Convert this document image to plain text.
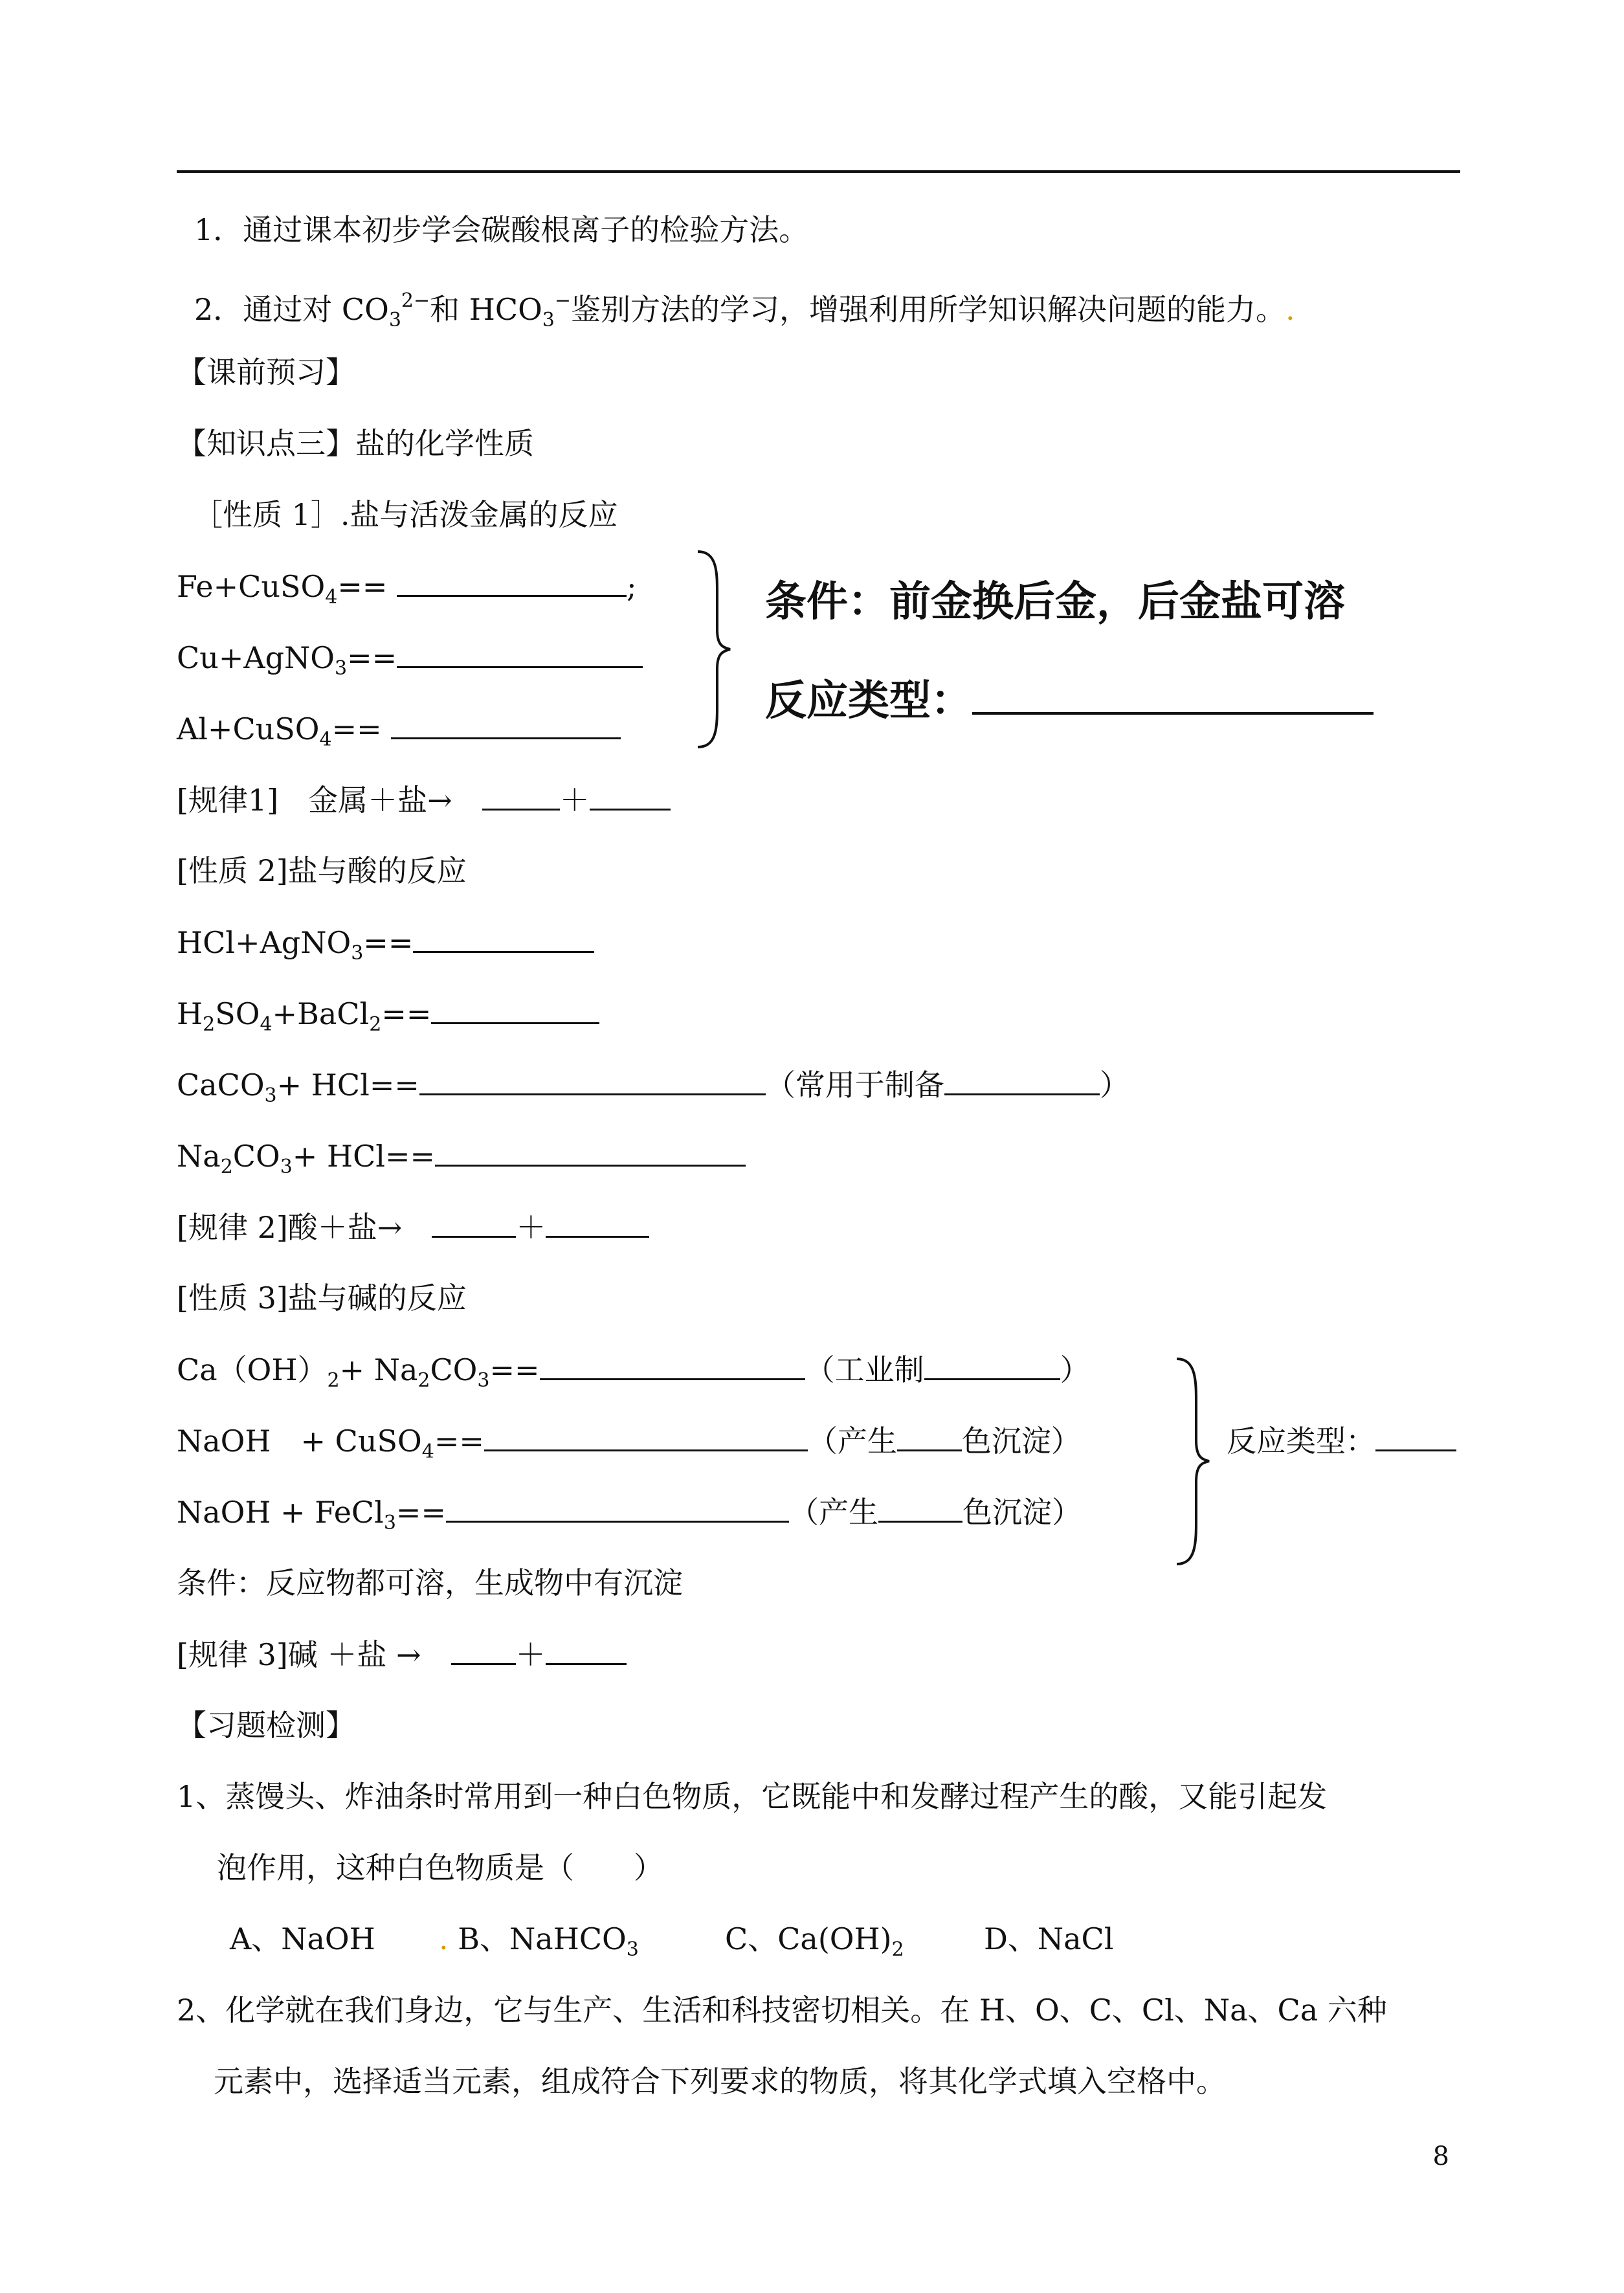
1．通过课本初步学会碳酸根离子的检验方法。
2．通过对 $CO_3^{2-}$和 $HCO_3^-$鉴别方法的学习，增强利用所学知识解决问题的能力。.
【课前预习】
【知识点三】盐的化学性质
［性质 1］.盐与活泼金属的反应
Fe+CuSO$_4$==	;
Cu+AgNO$_3$==
Al+CuSO$_4$==
条件：前金换后金，后金盐可溶
反应类型：
[规律1]　金属＋盐→　	＋
[性质 2]盐与酸的反应
HCl+AgNO$_3$==
$H_2SO_4+BaCl_2==$
CaCO$_3$+ HCl==	（常用于制备	）
$Na_2CO_3+ HCl==$
[规律 2]酸＋盐→　	＋
[性质 3]盐与碱的反应
$Ca(OH)_2+ Na_2CO_3==$	（工业制	）
NaOH　+ CuSO$_4$==	（产生 色沉淀）
NaOH + FeCl$_3$==	（产生	色沉淀）
反应类型：
条件：反应物都可溶，生成物中有沉淀
[规律 3]碱 ＋盐 →　	＋
【习题检测】
1、蒸馒头、炸油条时常用到一种白色物质，它既能中和发酵过程产生的酸，又能引起发
泡作用，这种白色物质是（　　）
A、NaOH . B、NaHCO$_3$	C、$Ca(OH)_2$	D、NaCl
2、化学就在我们身边，它与生产、生活和科技密切相关。在 H、O、C、Cl、Na、Ca 六种
元素中，选择适当元素，组成符合下列要求的物质，将其化学式填入空格中。
8
